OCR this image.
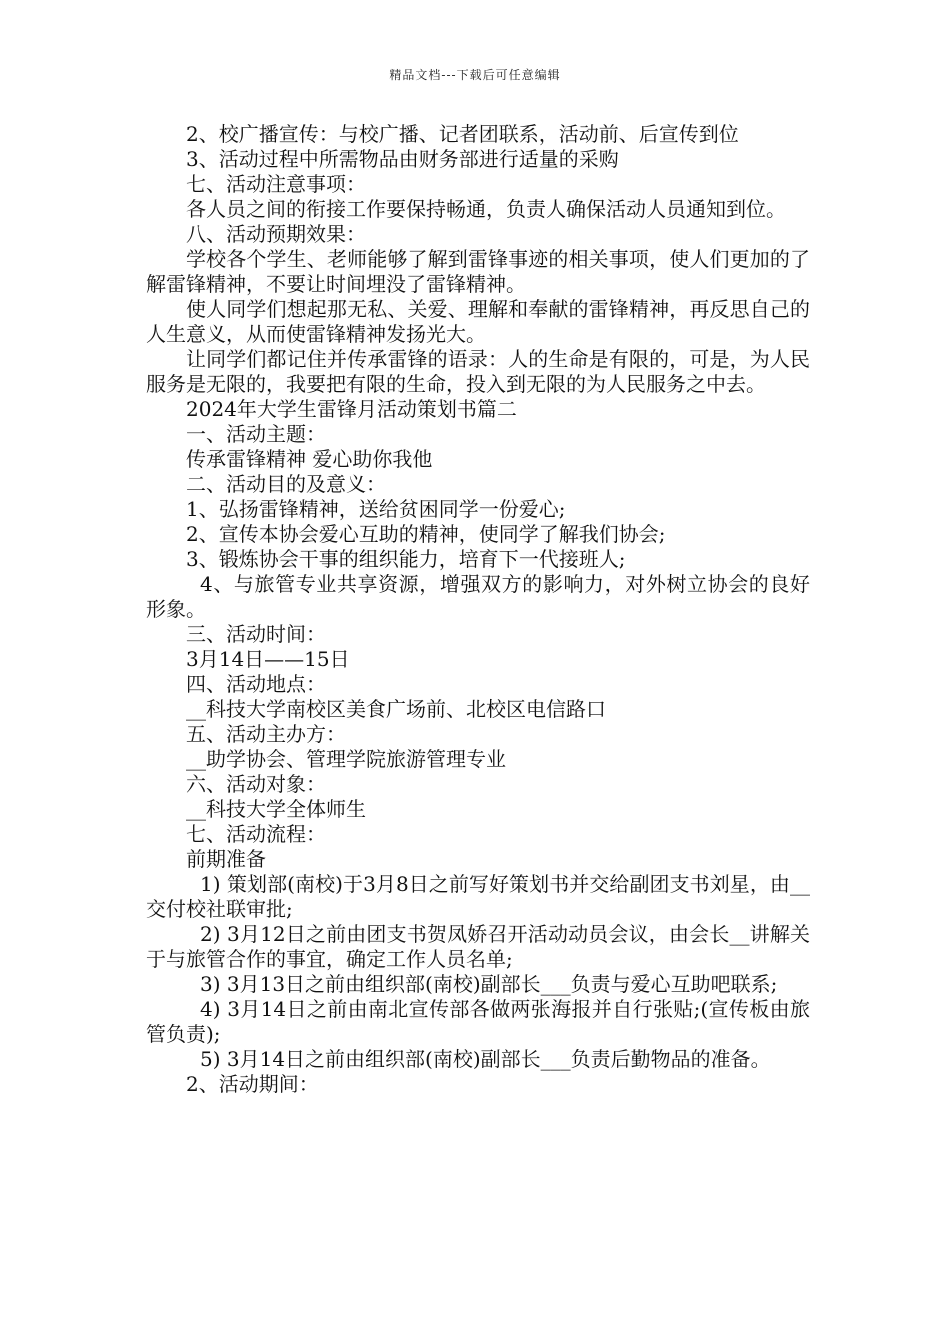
精品文档---下载后可任意编辑

2、校广播宣传：与校广播、记者团联系，活动前、后宣传到位

3、活动过程中所需物品由财务部进行适量的采购

七、活动注意事项：

各人员之间的衔接工作要保持畅通，负责人确保活动人员通知到位。

八、活动预期效果：

学校各个学生、老师能够了解到雷锋事迹的相关事项，使人们更加的了解雷锋精神，不要让时间埋没了雷锋精神。

使人同学们想起那无私、关爱、理解和奉献的雷锋精神，再反思自己的人生意义，从而使雷锋精神发扬光大。

让同学们都记住并传承雷锋的语录：人的生命是有限的，可是，为人民服务是无限的，我要把有限的生命，投入到无限的为人民服务之中去。

2024年大学生雷锋月活动策划书篇二

一、活动主题：

传承雷锋精神 爱心助你我他

二、活动目的及意义：

1、弘扬雷锋精神，送给贫困同学一份爱心;

2、宣传本协会爱心互助的精神，使同学了解我们协会;

3、锻炼协会干事的组织能力，培育下一代接班人;

4、与旅管专业共享资源，增强双方的影响力，对外树立协会的良好形象。

三、活动时间：

3月14日——15日

四、活动地点：

__科技大学南校区美食广场前、北校区电信路口

五、活动主办方：

__助学协会、管理学院旅游管理专业

六、活动对象：

__科技大学全体师生

七、活动流程：

前期准备

1) 策划部(南校)于3月8日之前写好策划书并交给副团支书刘星，由__交付校社联审批;

2) 3月12日之前由团支书贺凤娇召开活动动员会议，由会长__讲解关于与旅管合作的事宜，确定工作人员名单;

3) 3月13日之前由组织部(南校)副部长___负责与爱心互助吧联系;

4) 3月14日之前由南北宣传部各做两张海报并自行张贴;(宣传板由旅管负责);

5) 3月14日之前由组织部(南校)副部长___负责后勤物品的准备。

2、活动期间：
